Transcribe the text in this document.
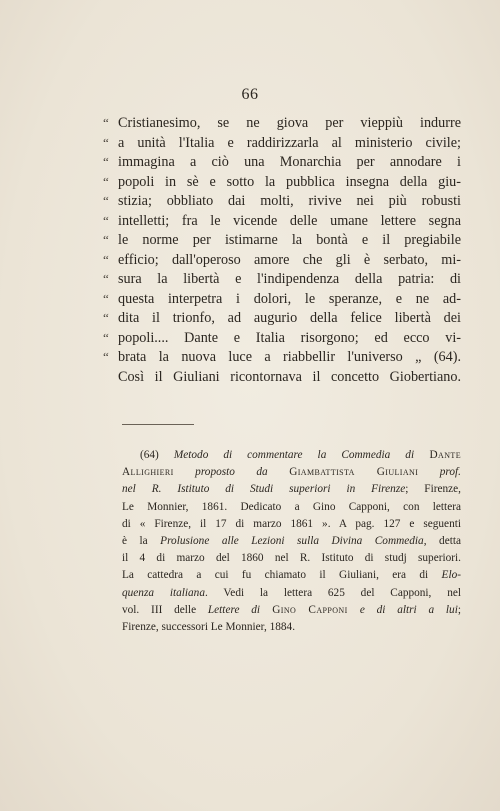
66
“ Cristianesimo, se ne giova per vieppiù indurre
“ a unità l'Italia e raddirizzarla al ministerio civile;
“ immagina a ciò una Monarchia per annodare i
“ popoli in sè e sotto la pubblica insegna della giu-
“ stizia; obbliato dai molti, rivive nei più robusti
“ intelletti; fra le vicende delle umane lettere segna
“ le norme per istimarne la bontà e il pregiabile
“ efficio; dall'operoso amore che gli è serbato, mi-
“ sura la libertà e l'indipendenza della patria: di
“ questa interpetra i dolori, le speranze, e ne ad-
“ dita il trionfo, ad augurio della felice libertà dei
“ popoli.... Dante e Italia risorgono; ed ecco vi-
“ brata la nuova luce a riabbellir l'universo „ (64).
Così il Giuliani ricontornava il concetto Giobertiano.
(64) Metodo di commentare la Commedia di Dante
Allighieri proposto da Giambattista Giuliani prof.
nel R. Istituto di Studi superiori in Firenze; Firenze,
Le Monnier, 1861. Dedicato a Gino Capponi, con lettera
di « Firenze, il 17 di marzo 1861 ». A pag. 127 e seguenti
è la Prolusione alle Lezioni sulla Divina Commedia, detta
il 4 di marzo del 1860 nel R. Istituto di studj superiori.
La cattedra a cui fu chiamato il Giuliani, era di Elo-
quenza italiana. Vedi la lettera 625 del Capponi, nel
vol. III delle Lettere di Gino Capponi e di altri a lui;
Firenze, successori Le Monnier, 1884.
